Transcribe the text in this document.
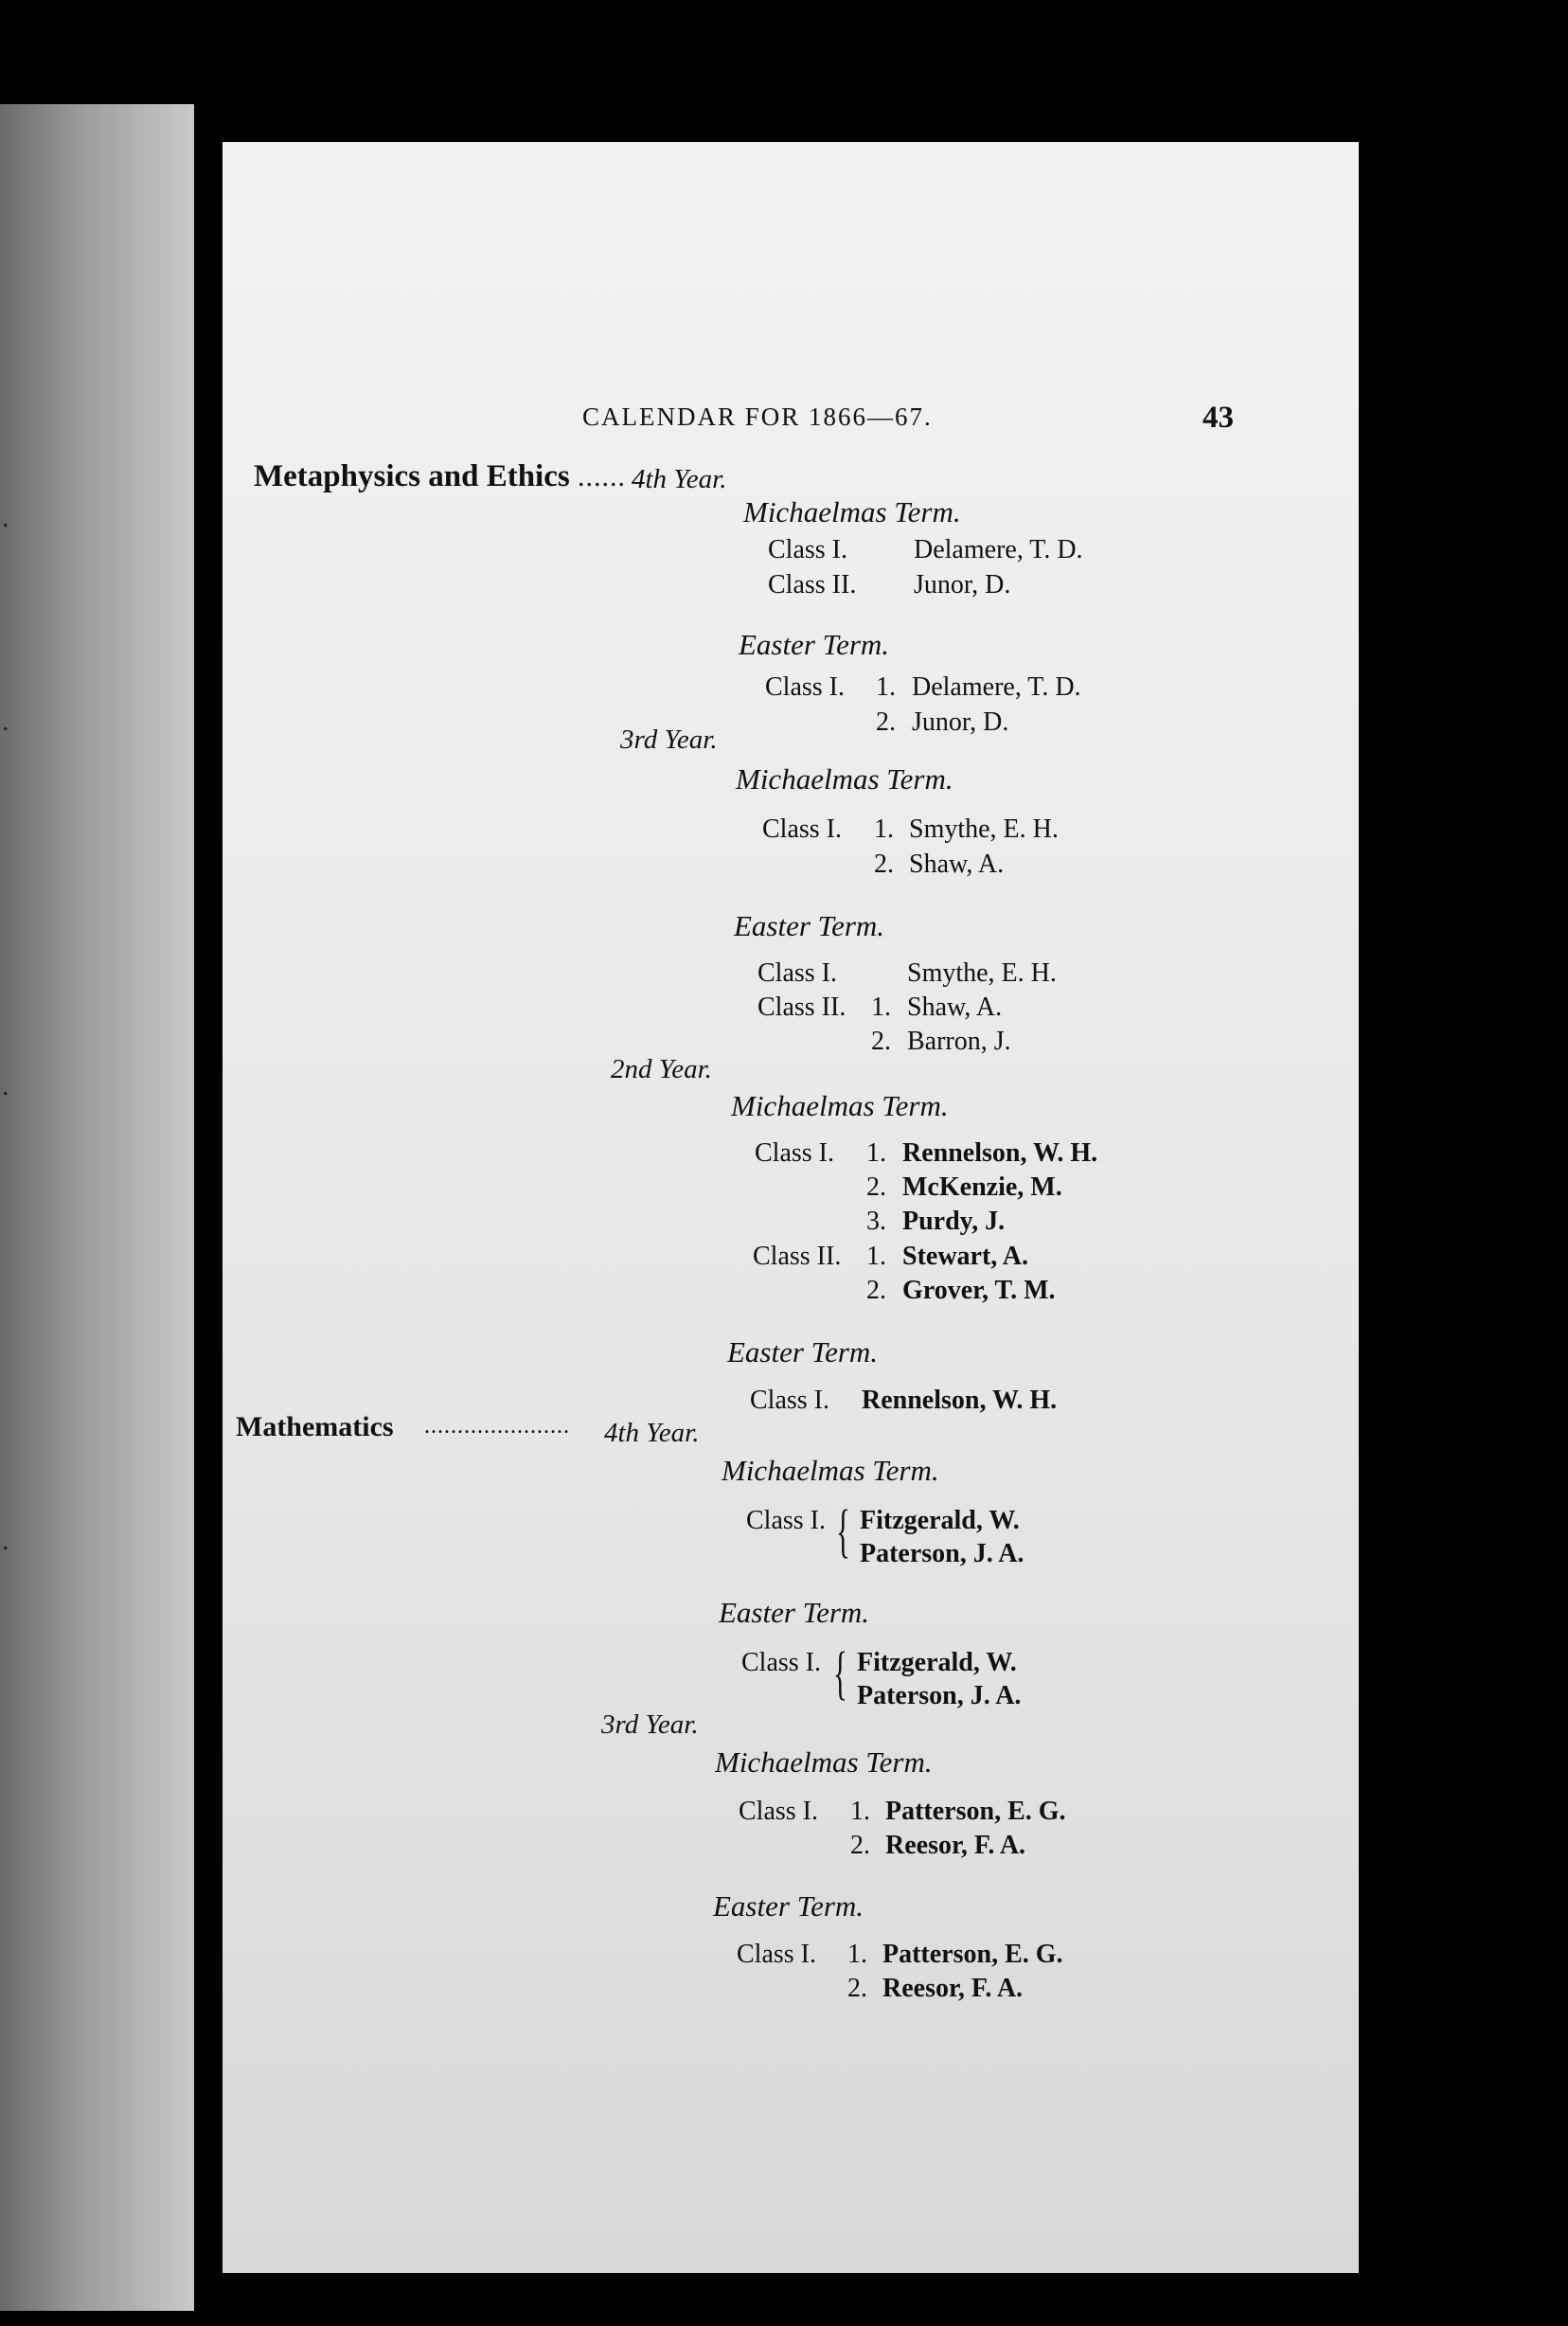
.
.
.
.
CALENDAR FOR 1866—67.	43
Metaphysics and Ethics ...... 4th Year.
Michaelmas Term.
Class I.	Delamere, T. D.
Class II. Junor, D.
Easter Term.
Class I. 1. Delamere, T. D.
2. Junor, D.
3rd Year.
Michaelmas Term.
Class I. 1. Smythe, E. H.
2. Shaw, A.
Easter Term.
Class I.	Smythe, E. H.
Class II. 1. Shaw, A.
2. Barron, J.
2nd Year.
Michaelmas Term.
Class I. 1. Rennelson, W. H.
2. McKenzie, M.
3. Purdy, J.
Class II. 1. Stewart, A.
2. Grover, T. M.
Easter Term.
Class I. Rennelson, W. H.
Mathematics ...................... 4th Year.
Michaelmas Term.
Class I. { Fitzgerald, W.
Paterson, J. A.
Easter Term.
Class I. { Fitzgerald, W.
Paterson, J. A.
3rd Year.
Michaelmas Term.
Class I. 1. Patterson, E. G.
2. Reesor, F. A.
Easter Term.
Class I. 1. Patterson, E. G.
2. Reesor, F. A.
